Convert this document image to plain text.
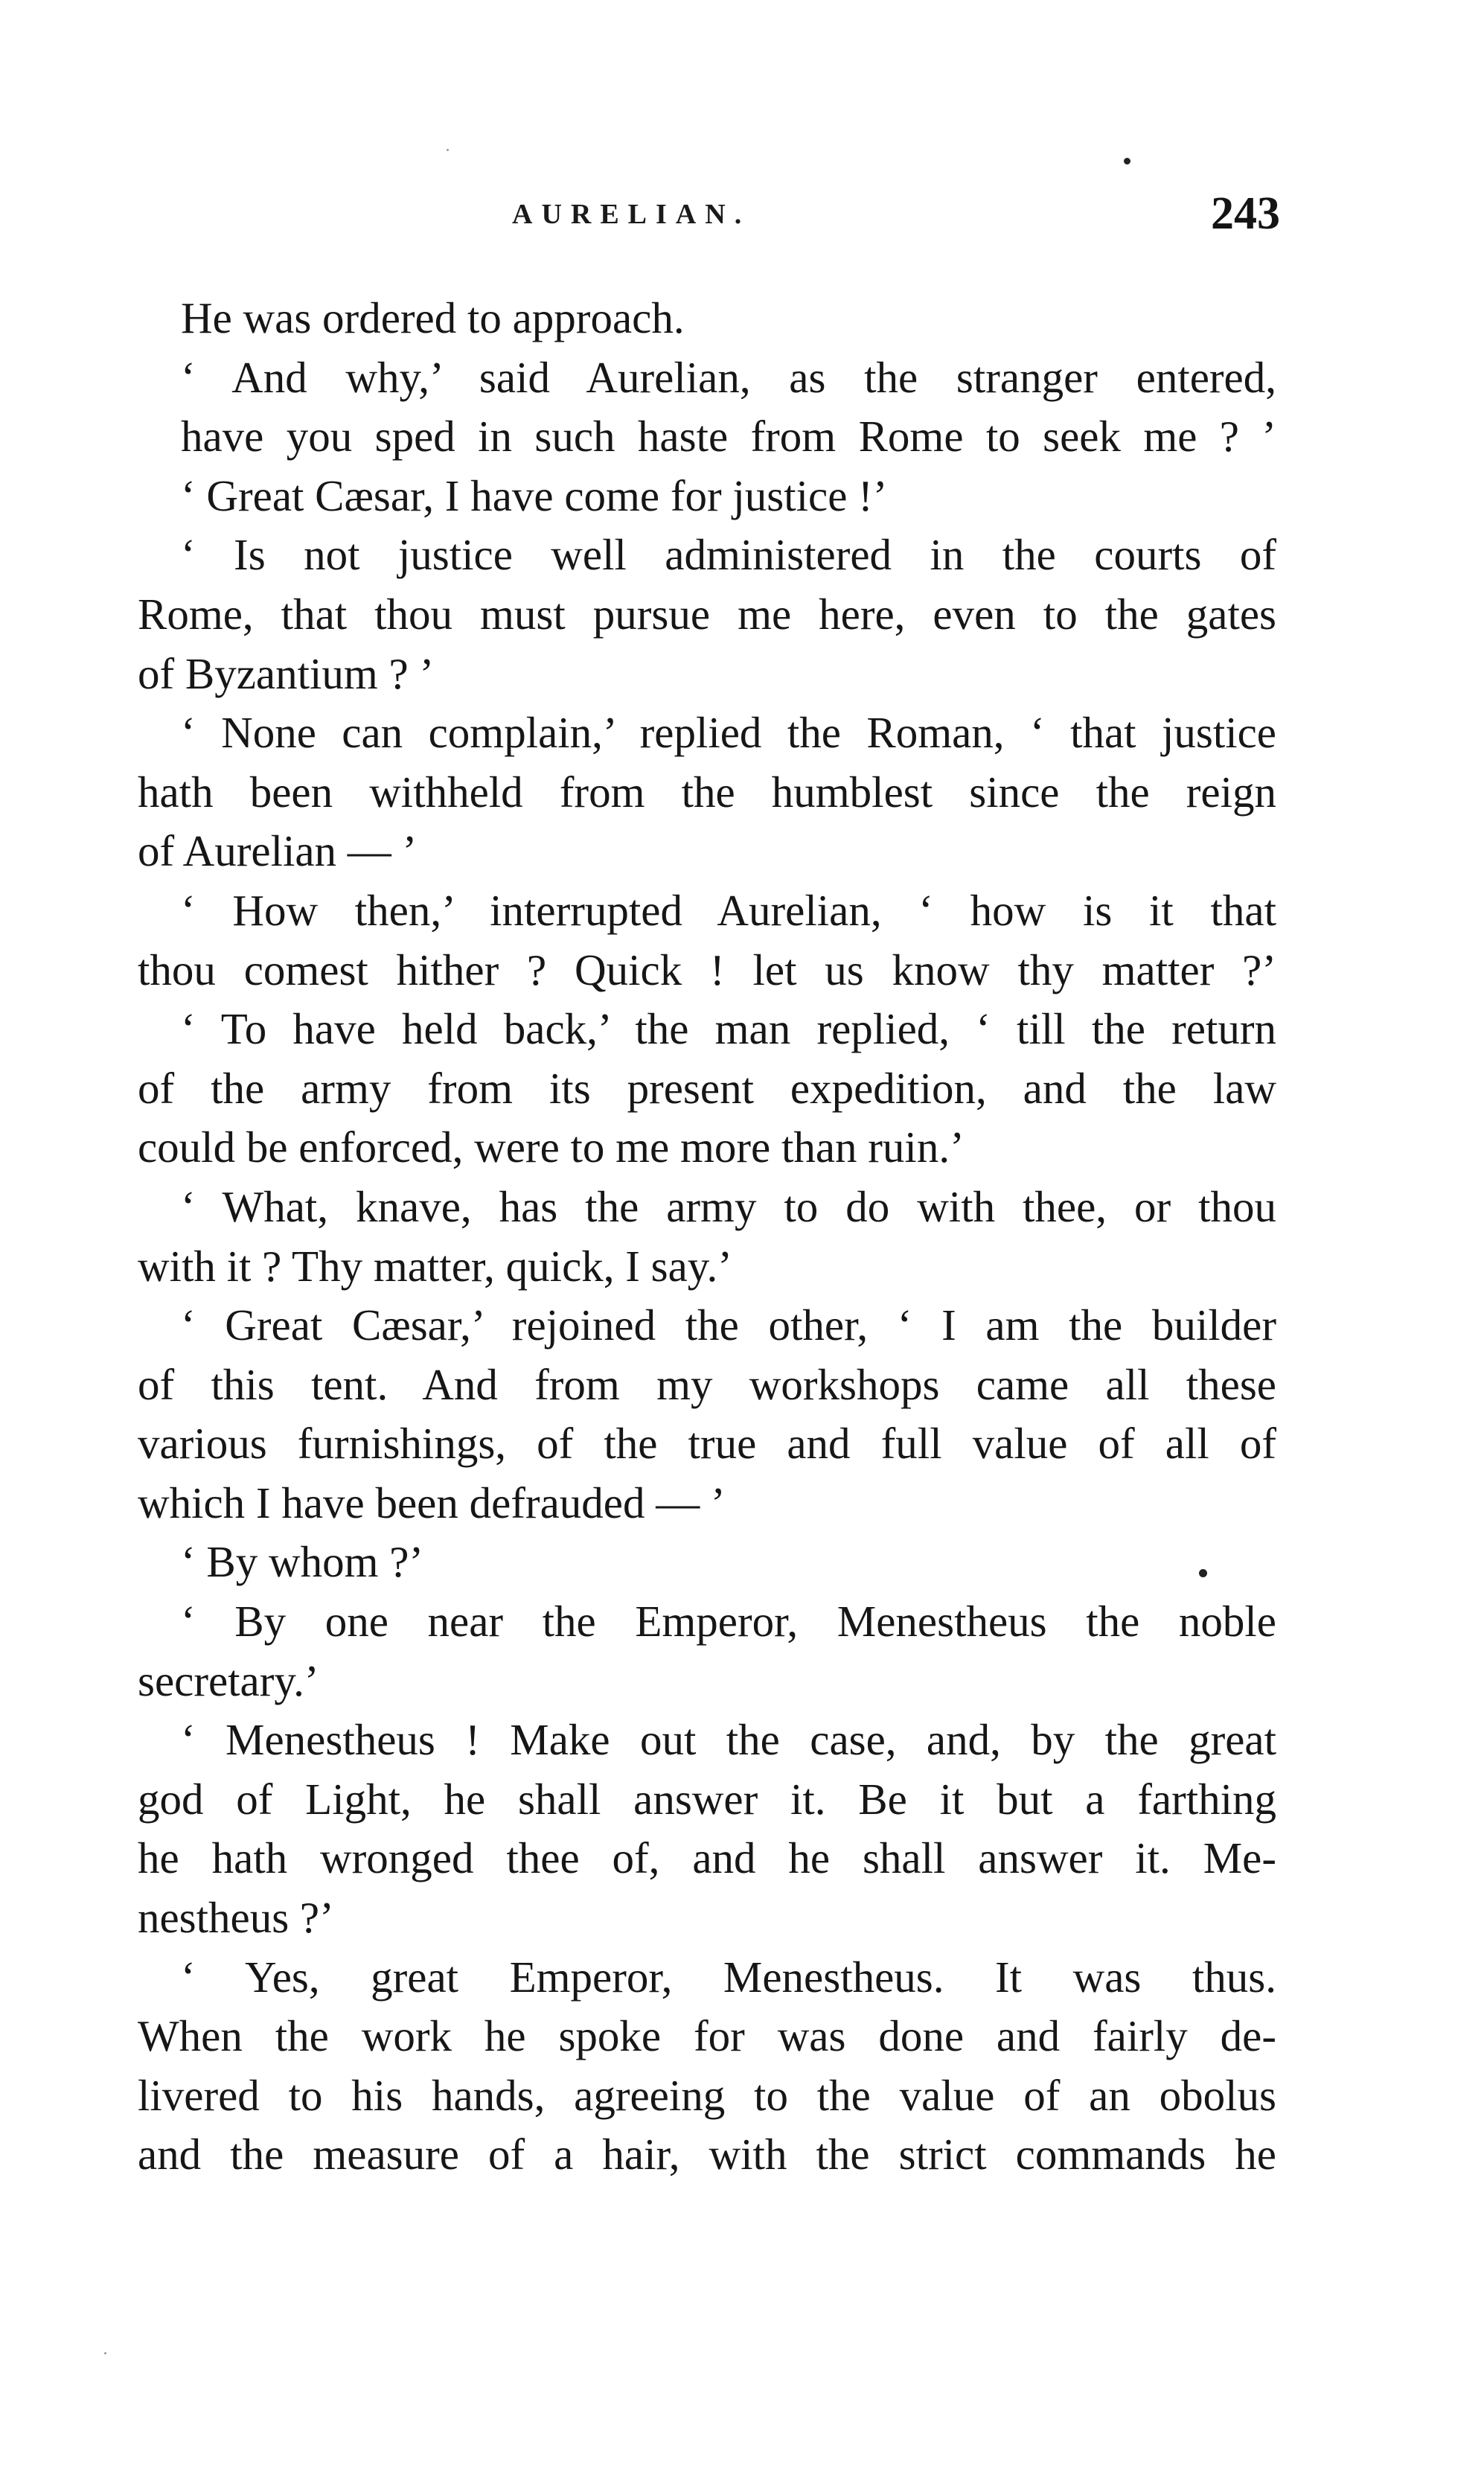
AURELIAN.	243
He was ordered to approach.
‘ And why,’ said Aurelian, as the stranger entered,
have you sped in such haste from Rome to seek me ? ’
‘ Great Cæsar, I have come for justice !’
‘ Is not justice well administered in the courts of
Rome, that thou must pursue me here, even to the gates
of Byzantium ? ’
‘ None can complain,’ replied the Roman, ‘ that justice
hath been withheld from the humblest since the reign
of Aurelian — ’
‘ How then,’ interrupted Aurelian, ‘ how is it that
thou comest hither ? Quick ! let us know thy matter ?’
‘ To have held back,’ the man replied, ‘ till the return
of the army from its present expedition, and the law
could be enforced, were to me more than ruin.’
‘ What, knave, has the army to do with thee, or thou
with it ? Thy matter, quick, I say.’
‘ Great Cæsar,’ rejoined the other, ‘ I am the builder
of this tent. And from my workshops came all these
various furnishings, of the true and full value of all of
which I have been defrauded — ’
‘ By whom ?’
‘ By one near the Emperor, Menestheus the noble
secretary.’
‘ Menestheus ! Make out the case, and, by the great
god of Light, he shall answer it. Be it but a farthing
he hath wronged thee of, and he shall answer it. Me-
nestheus ?’
‘ Yes, great Emperor, Menestheus. It was thus.
When the work he spoke for was done and fairly de-
livered to his hands, agreeing to the value of an obolus
and the measure of a hair, with the strict commands he
